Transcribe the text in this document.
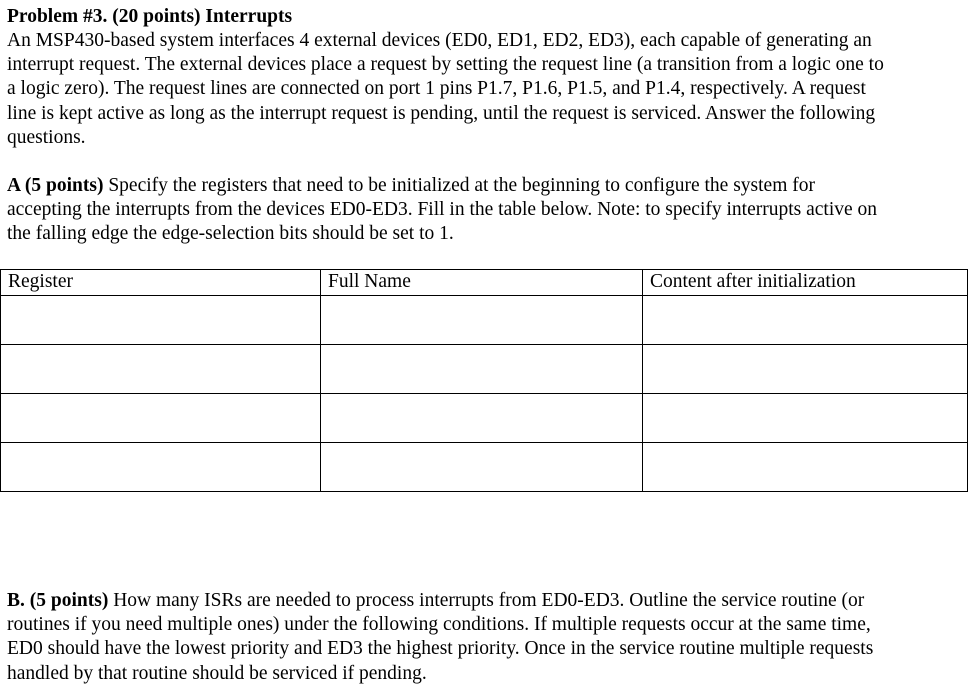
Problem #3. (20 points) Interrupts
An MSP430-based system interfaces 4 external devices (ED0, ED1, ED2, ED3), each capable of generating an
interrupt request. The external devices place a request by setting the request line (a transition from a logic one to
a logic zero). The request lines are connected on port 1 pins P1.7, P1.6, P1.5, and P1.4, respectively. A request
line is kept active as long as the interrupt request is pending, until the request is serviced. Answer the following
questions.
A (5 points) Specify the registers that need to be initialized at the beginning to configure the system for
accepting the interrupts from the devices ED0-ED3. Fill in the table below. Note: to specify interrupts active on
the falling edge the edge-selection bits should be set to 1.
Register	Full Name	Content after initialization

B. (5 points) How many ISRs are needed to process interrupts from ED0-ED3. Outline the service routine (or
routines if you need multiple ones) under the following conditions. If multiple requests occur at the same time,
ED0 should have the lowest priority and ED3 the highest priority. Once in the service routine multiple requests
handled by that routine should be serviced if pending.
